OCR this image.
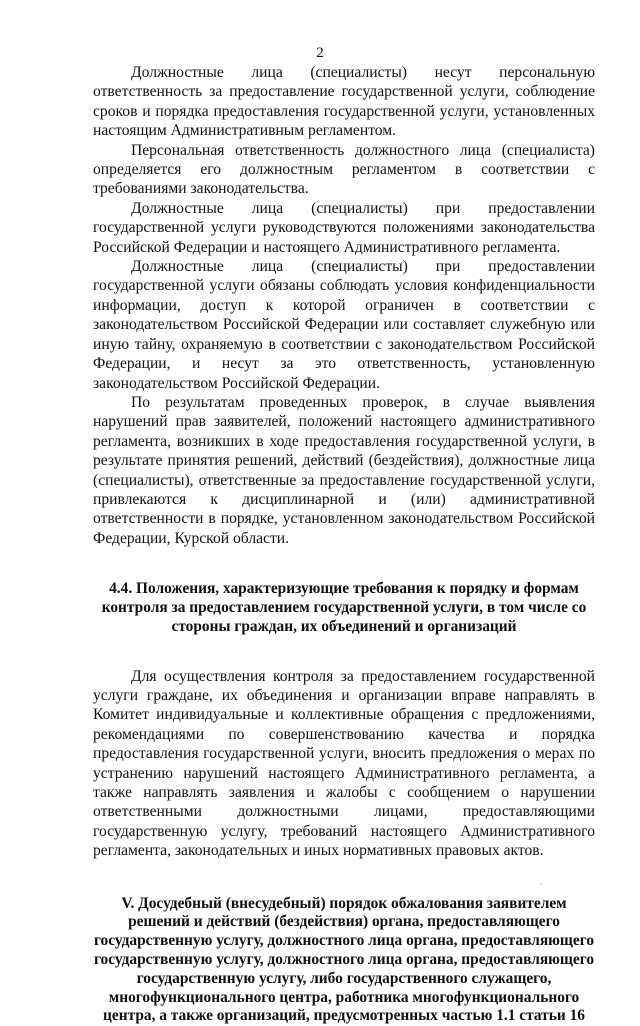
2

Должностные лица (специалисты) несут персональную ответственность за предоставление государственной услуги, соблюдение сроков и порядка предоставления государственной услуги, установленных настоящим Административным регламентом.

Персональная ответственность должностного лица (специалиста) определяется его должностным регламентом в соответствии с требованиями законодательства.

Должностные лица (специалисты) при предоставлении государственной услуги руководствуются положениями законодательства Российской Федерации и настоящего Административного регламента.

Должностные лица (специалисты) при предоставлении государственной услуги обязаны соблюдать условия конфиденциальности информации, доступ к которой ограничен в соответствии с законодательством Российской Федерации или составляет служебную или иную тайну, охраняемую в соответствии с законодательством Российской Федерации, и несут за это ответственность, установленную законодательством Российской Федерации.

По результатам проведенных проверок, в случае выявления нарушений прав заявителей, положений настоящего административного регламента, возникших в ходе предоставления государственной услуги, в результате принятия решений, действий (бездействия), должностные лица (специалисты), ответственные за предоставление государственной услуги, привлекаются к дисциплинарной и (или) административной ответственности в порядке, установленном законодательством Российской Федерации, Курской области.

4.4. Положения, характеризующие требования к порядку и формам контроля за предоставлением государственной услуги, в том числе со стороны граждан, их объединений и организаций

Для осуществления контроля за предоставлением государственной услуги граждане, их объединения и организации вправе направлять в Комитет индивидуальные и коллективные обращения с предложениями, рекомендациями по совершенствованию качества и порядка предоставления государственной услуги, вносить предложения о мерах по устранению нарушений настоящего Административного регламента, а также направлять заявления и жалобы с сообщением о нарушении ответственными должностными лицами, предоставляющими государственную услугу, требований настоящего Административного регламента, законодательных и иных нормативных правовых актов.

V. Досудебный (внесудебный) порядок обжалования заявителем решений и действий (бездействия) органа, предоставляющего государственную услугу, должностного лица органа, предоставляющего государственную услугу, должностного лица органа, предоставляющего государственную услугу, либо государственного служащего, многофункционального центра, работника многофункционального центра, а также организаций, предусмотренных частью 1.1 статьи 16
